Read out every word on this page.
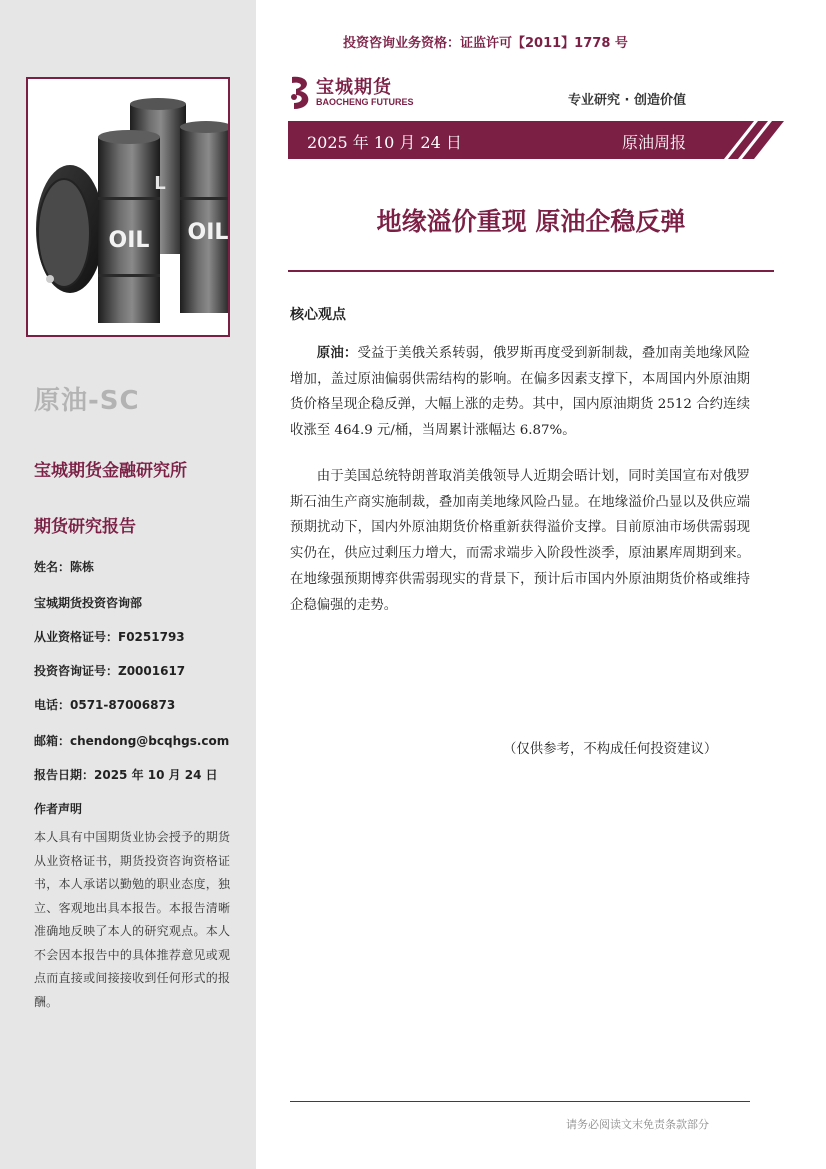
OIL OIL
L
原油-SC
宝城期货金融研究所
期货研究报告
姓名：陈栋
宝城期货投资咨询部
从业资格证号：F0251793
投资咨询证号：Z0001617
电话：0571-87006873
邮箱：chendong@bcqhgs.com
报告日期：2025 年 10 月 24 日
作者声明
本人具有中国期货业协会授予的期货从业资格证书，期货投资咨询资格证书，本人承诺以勤勉的职业态度，独立、客观地出具本报告。本报告清晰准确地反映了本人的研究观点。本人不会因本报告中的具体推荐意见或观点而直接或间接接收到任何形式的报酬。
投资咨询业务资格：证监许可【2011】1778 号
宝城期货
BAOCHENG FUTURES	专业研究 · 创造价值
2025 年 10 月 24 日	原油周报
地缘溢价重现 原油企稳反弹
核心观点

原油：受益于美俄关系转弱，俄罗斯再度受到新制裁，叠加南美地缘风险增加，盖过原油偏弱供需结构的影响。在偏多因素支撑下，本周国内外原油期货价格呈现企稳反弹，大幅上涨的走势。其中，国内原油期货 2512 合约连续收涨至 464.9 元/桶，当周累计涨幅达 6.87%。

由于美国总统特朗普取消美俄领导人近期会晤计划，同时美国宣布对俄罗斯石油生产商实施制裁，叠加南美地缘风险凸显。在地缘溢价凸显以及供应端预期扰动下，国内外原油期货价格重新获得溢价支撑。目前原油市场供需弱现实仍在，供应过剩压力增大，而需求端步入阶段性淡季，原油累库周期到来。在地缘强预期博弈供需弱现实的背景下，预计后市国内外原油期货价格或维持企稳偏强的走势。

（仅供参考，不构成任何投资建议）
请务必阅读文末免责条款部分
